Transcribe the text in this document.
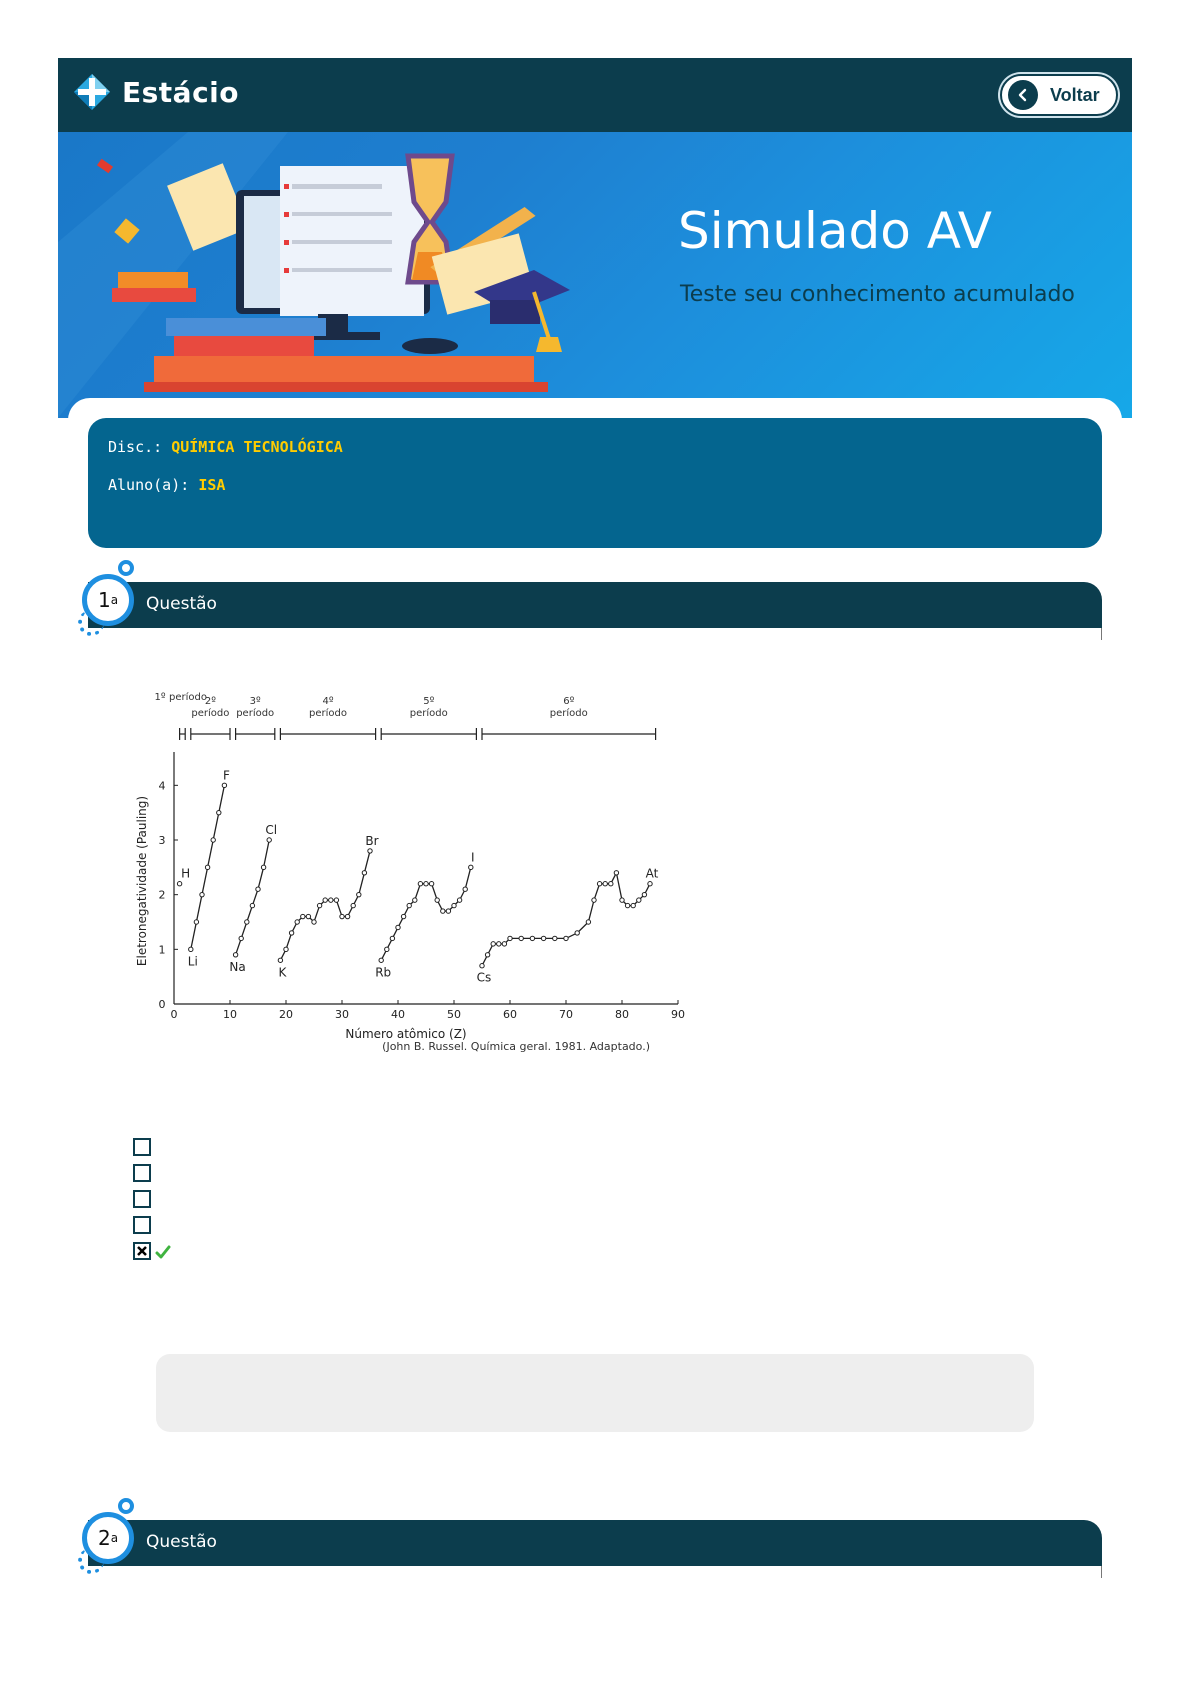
Estácio	Voltar
Simulado AV
Teste seu conhecimento acumulado
Disc.: QUÍMICA TECNOLÓGICA
Aluno(a): ISA
1 a Questão
0	10	20	30	40	50	60	70	80	90
1
2
3
4
0
Número atômico (Z)
Eletronegatividade (Pauling)
1º período
2º
período
3º
período
4º
período
5º
período
6º
período
H
Li
F
Na
Cl
K
Br
Rb
I
Cs
At
(John B. Russel. Química geral. 1981. Adaptado.)
2 a Questão
